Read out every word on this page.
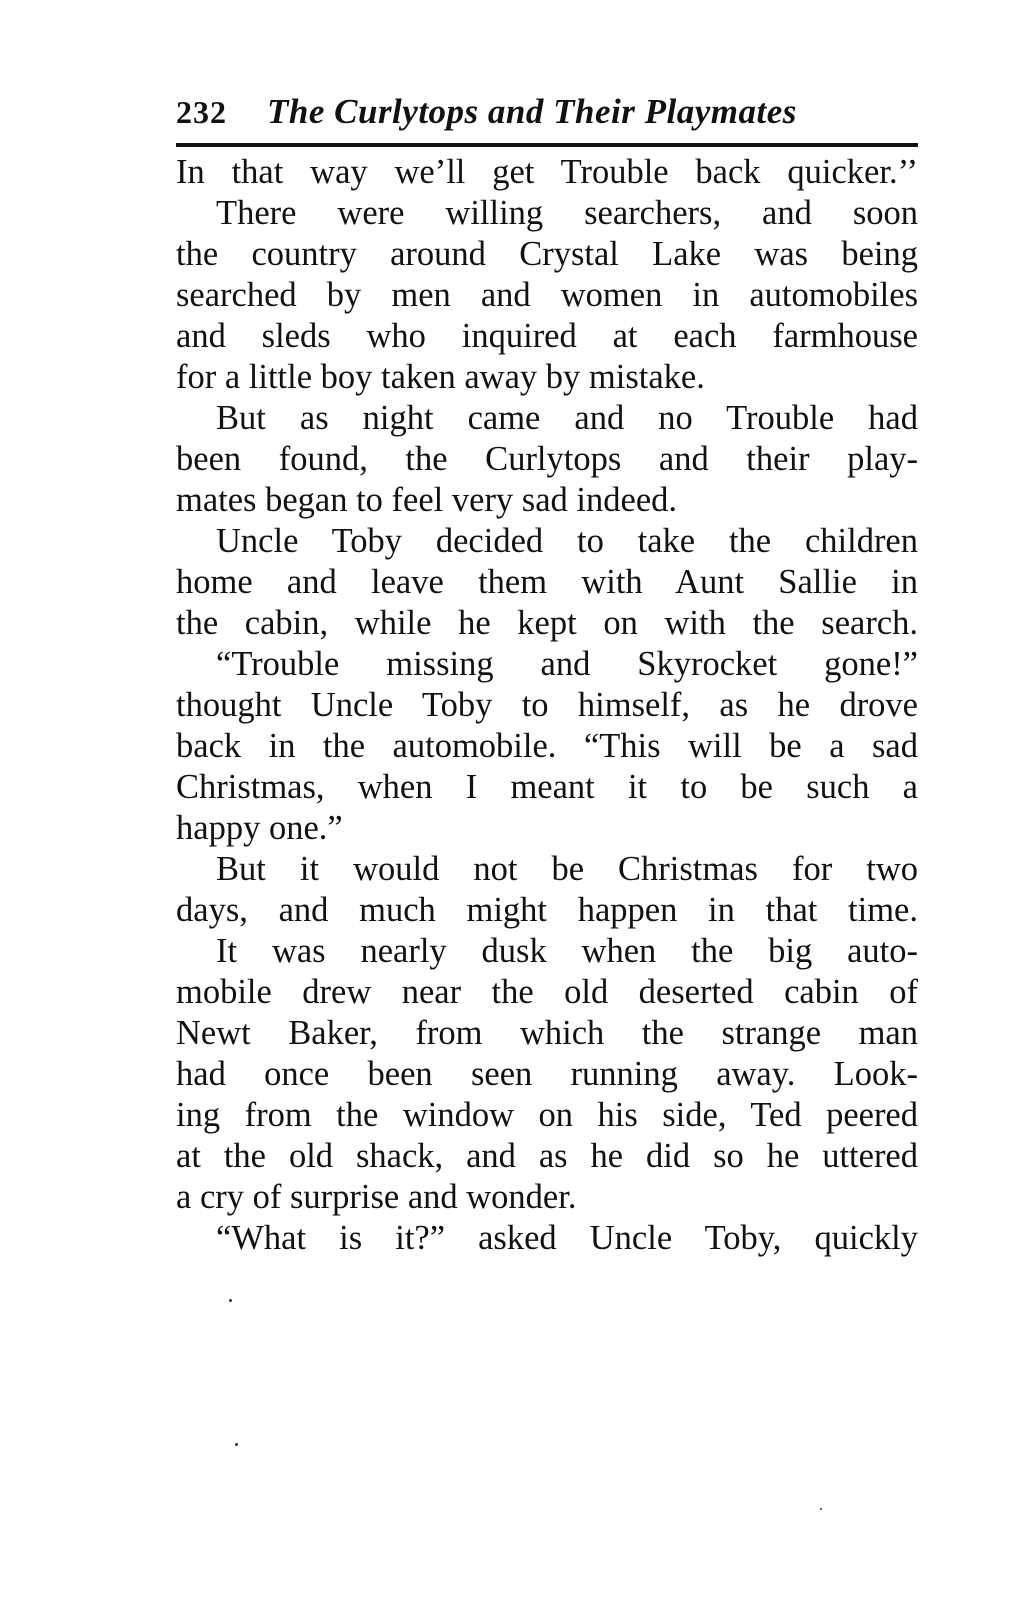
232 The Curlytops and Their Playmates
In that way we’ll get Trouble back quicker.’’
There were willing searchers, and soon
the country around Crystal Lake was being
searched by men and women in automobiles
and sleds who inquired at each farmhouse
for a little boy taken away by mistake.
But as night came and no Trouble had
been found, the Curlytops and their play-
mates began to feel very sad indeed.
Uncle Toby decided to take the children
home and leave them with Aunt Sallie in
the cabin, while he kept on with the search.
“Trouble missing and Skyrocket gone!”
thought Uncle Toby to himself, as he drove
back in the automobile. “This will be a sad
Christmas, when I meant it to be such a
happy one.”
But it would not be Christmas for two
days, and much might happen in that time.
It was nearly dusk when the big auto-
mobile drew near the old deserted cabin of
Newt Baker, from which the strange man
had once been seen running away. Look-
ing from the window on his side, Ted peered
at the old shack, and as he did so he uttered
a cry of surprise and wonder.
“What is it?” asked Uncle Toby, quickly
